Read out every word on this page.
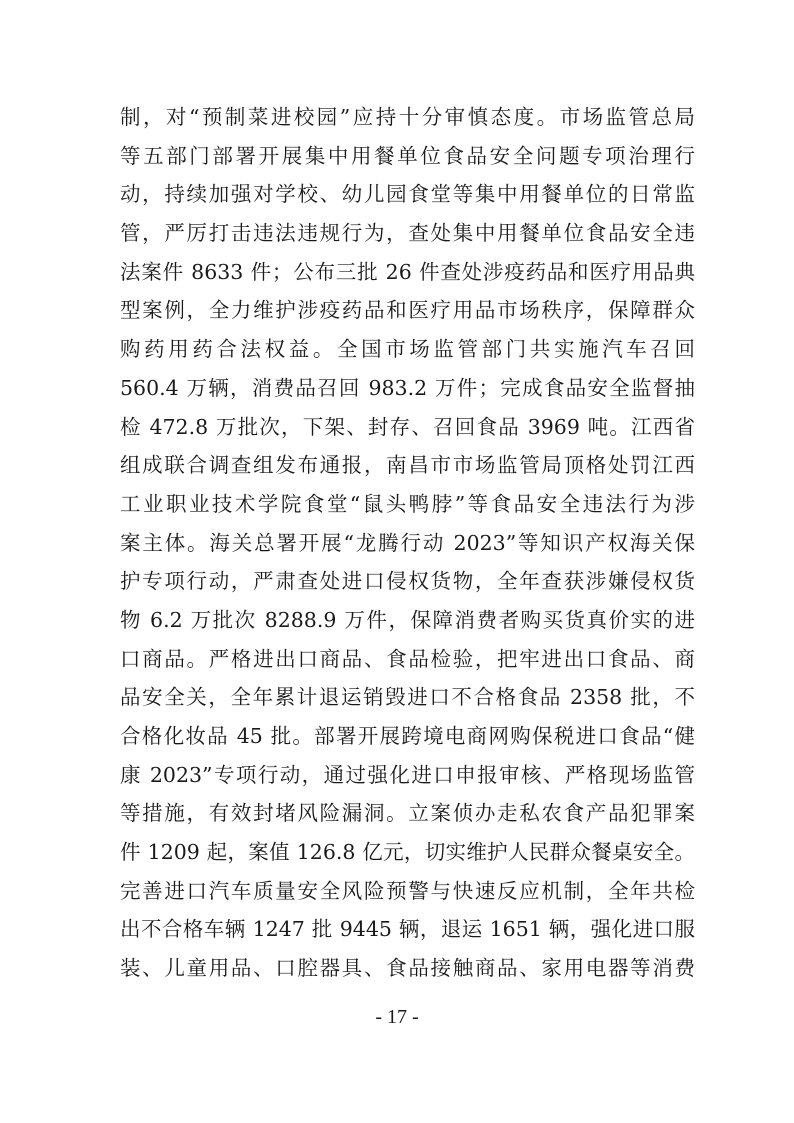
制，对“预制菜进校园”应持十分审慎态度。市场监管总局
等五部门部署开展集中用餐单位食品安全问题专项治理行
动，持续加强对学校、幼儿园食堂等集中用餐单位的日常监
管，严厉打击违法违规行为，查处集中用餐单位食品安全违
法案件 8633 件；公布三批 26 件查处涉疫药品和医疗用品典
型案例，全力维护涉疫药品和医疗用品市场秩序，保障群众
购药用药合法权益。全国市场监管部门共实施汽车召回
560.4 万辆，消费品召回 983.2 万件；完成食品安全监督抽
检 472.8 万批次，下架、封存、召回食品 3969 吨。江西省
组成联合调查组发布通报，南昌市市场监管局顶格处罚江西
工业职业技术学院食堂“鼠头鸭脖”等食品安全违法行为涉
案主体。海关总署开展“龙腾行动 2023”等知识产权海关保
护专项行动，严肃查处进口侵权货物，全年查获涉嫌侵权货
物 6.2 万批次 8288.9 万件，保障消费者购买货真价实的进
口商品。严格进出口商品、食品检验，把牢进出口食品、商
品安全关，全年累计退运销毁进口不合格食品 2358 批，不
合格化妆品 45 批。部署开展跨境电商网购保税进口食品“健
康 2023”专项行动，通过强化进口申报审核、严格现场监管
等措施，有效封堵风险漏洞。立案侦办走私农食产品犯罪案
件 1209 起，案值 126.8 亿元，切实维护人民群众餐桌安全。
完善进口汽车质量安全风险预警与快速反应机制，全年共检
出不合格车辆 1247 批 9445 辆，退运 1651 辆，强化进口服
装、儿童用品、口腔器具、食品接触商品、家用电器等消费
- 17 -
